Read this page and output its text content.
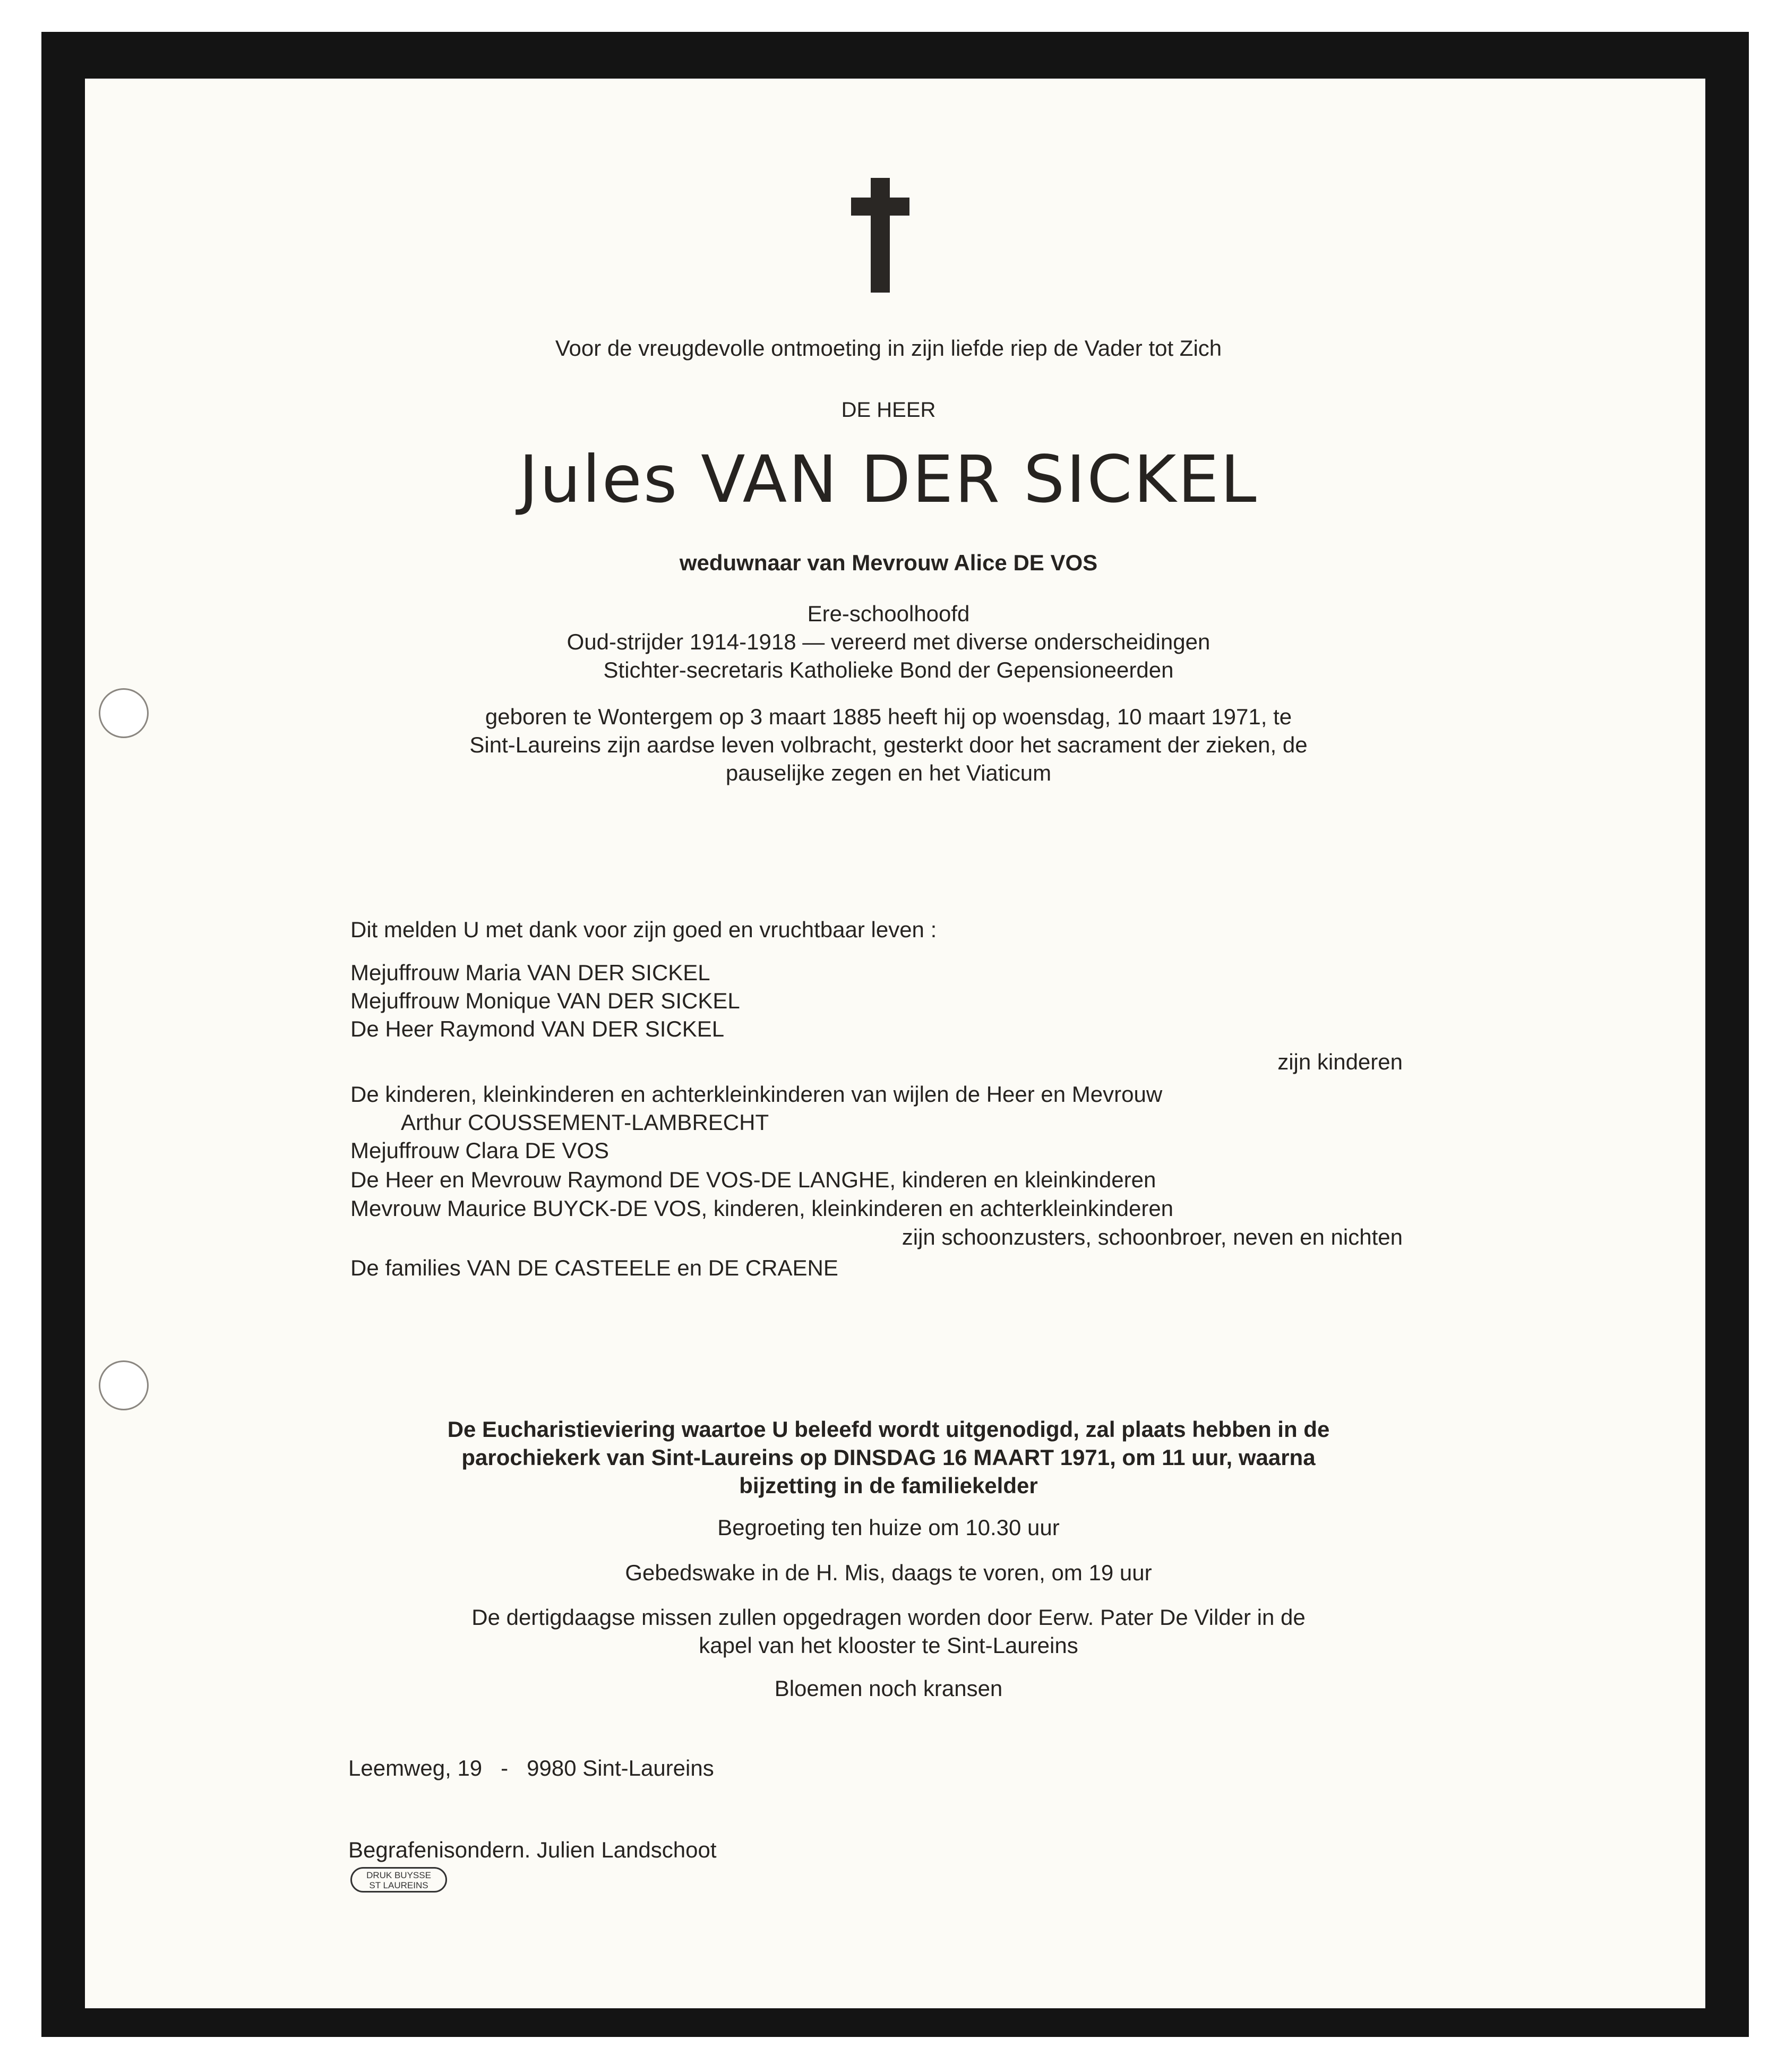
Voor de vreugdevolle ontmoeting in zijn liefde riep de Vader tot Zich
DE HEER
Jules VAN DER SICKEL
weduwnaar van Mevrouw Alice DE VOS
Ere-schoolhoofd
Oud-strijder 1914-1918 — vereerd met diverse onderscheidingen
Stichter-secretaris Katholieke Bond der Gepensioneerden
geboren te Wontergem op 3 maart 1885 heeft hij op woensdag, 10 maart 1971, te
Sint-Laureins zijn aardse leven volbracht, gesterkt door het sacrament der zieken, de
pauselijke zegen en het Viaticum
Dit melden U met dank voor zijn goed en vruchtbaar leven :
Mejuffrouw Maria VAN DER SICKEL
Mejuffrouw Monique VAN DER SICKEL
De Heer Raymond VAN DER SICKEL
zijn kinderen
De kinderen, kleinkinderen en achterkleinkinderen van wijlen de Heer en Mevrouw
Arthur COUSSEMENT-LAMBRECHT
Mejuffrouw Clara DE VOS
De Heer en Mevrouw Raymond DE VOS-DE LANGHE, kinderen en kleinkinderen
Mevrouw Maurice BUYCK-DE VOS, kinderen, kleinkinderen en achterkleinkinderen
zijn schoonzusters, schoonbroer, neven en nichten
De families VAN DE CASTEELE en DE CRAENE
De Eucharistieviering waartoe U beleefd wordt uitgenodigd, zal plaats hebben in de
parochiekerk van Sint-Laureins op DINSDAG 16 MAART 1971, om 11 uur, waarna
bijzetting in de familiekelder
Begroeting ten huize om 10.30 uur
Gebedswake in de H. Mis, daags te voren, om 19 uur
De dertigdaagse missen zullen opgedragen worden door Eerw. Pater De Vilder in de
kapel van het klooster te Sint-Laureins
Bloemen noch kransen
Leemweg, 19   -   9980 Sint-Laureins
Begrafenisondern. Julien Landschoot
DRUK BUYSSE
ST LAUREINS
